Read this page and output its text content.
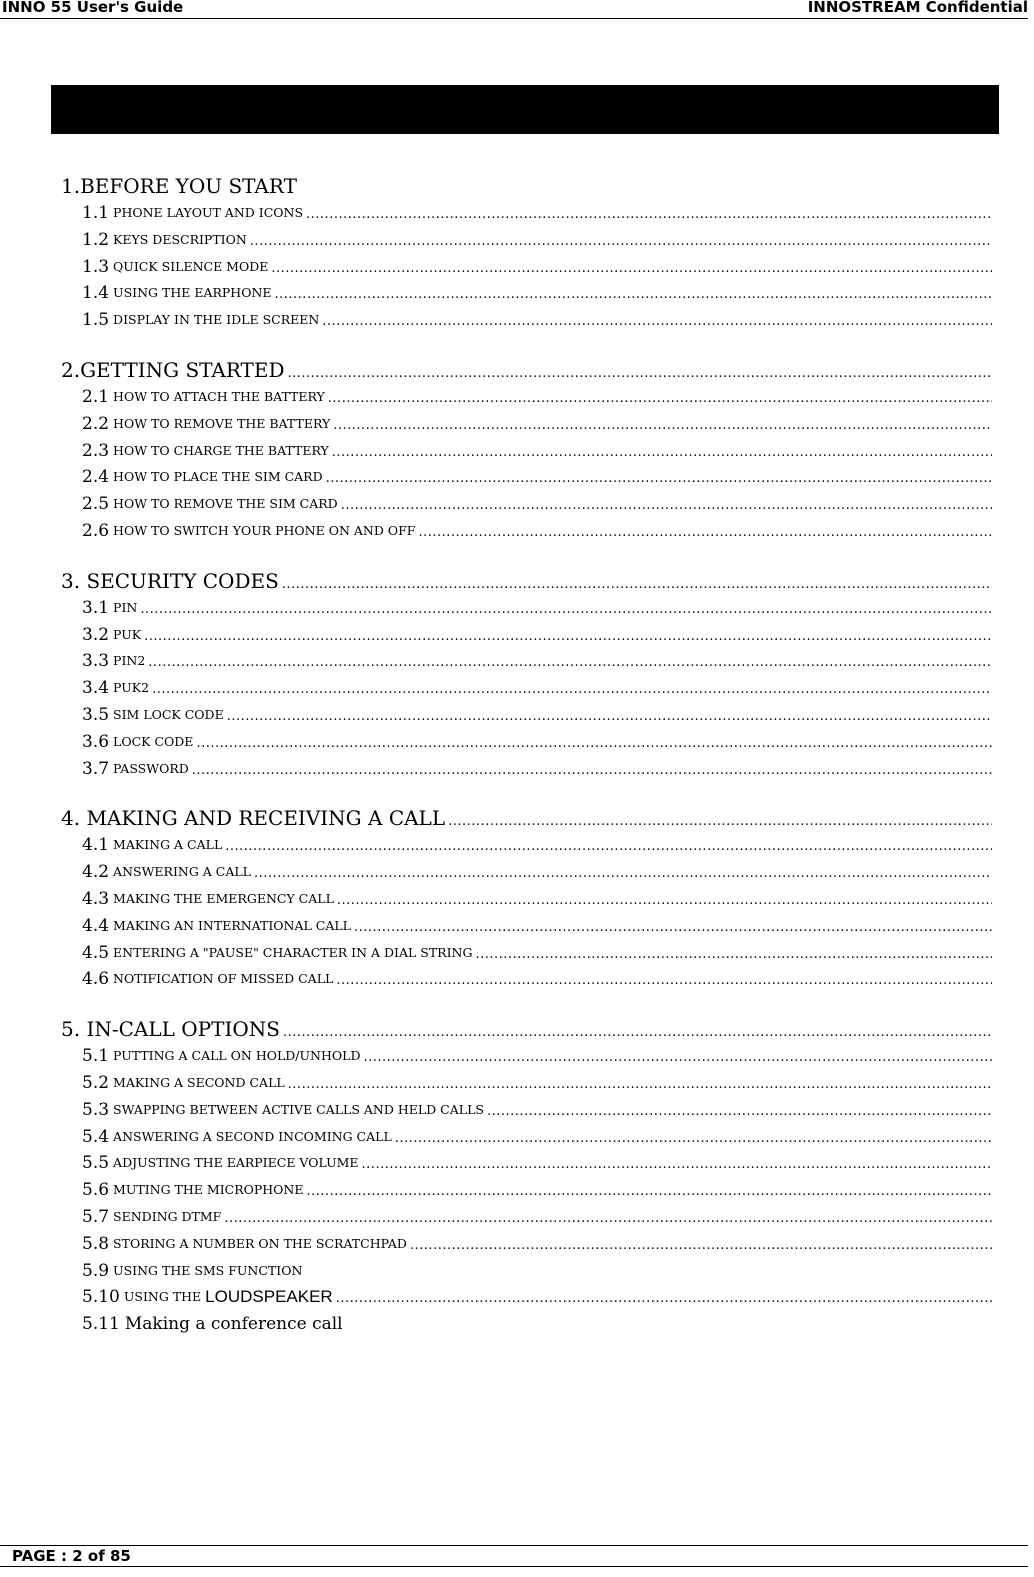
INNO 55 User's Guide	INNOSTREAM Confidential
1.BEFORE YOU START
1.1 PHONE LAYOUT AND ICONS
.....
1.2 KEYS DESCRIPTION
.....
1.3 QUICK SILENCE MODE
.....
1.4 USING THE EARPHONE
.....
1.5 DISPLAY IN THE IDLE SCREEN
.....
2.GETTING STARTED
.....
2.1 HOW TO ATTACH THE BATTERY
.....
2.2 HOW TO REMOVE THE BATTERY
.....
2.3 HOW TO CHARGE THE BATTERY
.....
2.4 HOW TO PLACE THE SIM CARD
.....
2.5 HOW TO REMOVE THE SIM CARD
.....
2.6 HOW TO SWITCH YOUR PHONE ON AND OFF
.....
3. SECURITY CODES
.....
3.1 PIN
.....
3.2 PUK
.....
3.3 PIN2
.....
3.4 PUK2
.....
3.5 SIM LOCK CODE
.....
3.6 LOCK CODE
.....
3.7 PASSWORD
.....
4. MAKING AND RECEIVING A CALL
.....
4.1 MAKING A CALL
.....
4.2 ANSWERING A CALL
.....
4.3 MAKING THE EMERGENCY CALL
.....
4.4 MAKING AN INTERNATIONAL CALL
.....
4.5 ENTERING A "PAUSE" CHARACTER IN A DIAL STRING
.....
4.6 NOTIFICATION OF MISSED CALL
.....
5. IN-CALL OPTIONS
.....
5.1 PUTTING A CALL ON HOLD/UNHOLD
.....
5.2 MAKING A SECOND CALL
.....
5.3 SWAPPING BETWEEN ACTIVE CALLS AND HELD CALLS
.....
5.4 ANSWERING A SECOND INCOMING CALL
.....
5.5 ADJUSTING THE EARPIECE VOLUME
.....
5.6 MUTING THE MICROPHONE
.....
5.7 SENDING DTMF
.....
5.8 STORING A NUMBER ON THE SCRATCHPAD
.....
5.9 USING THE SMS FUNCTION
5.10 USING THE LOUDSPEAKER
.....
5.11 Making a conference call
PAGE : 2 of 85
